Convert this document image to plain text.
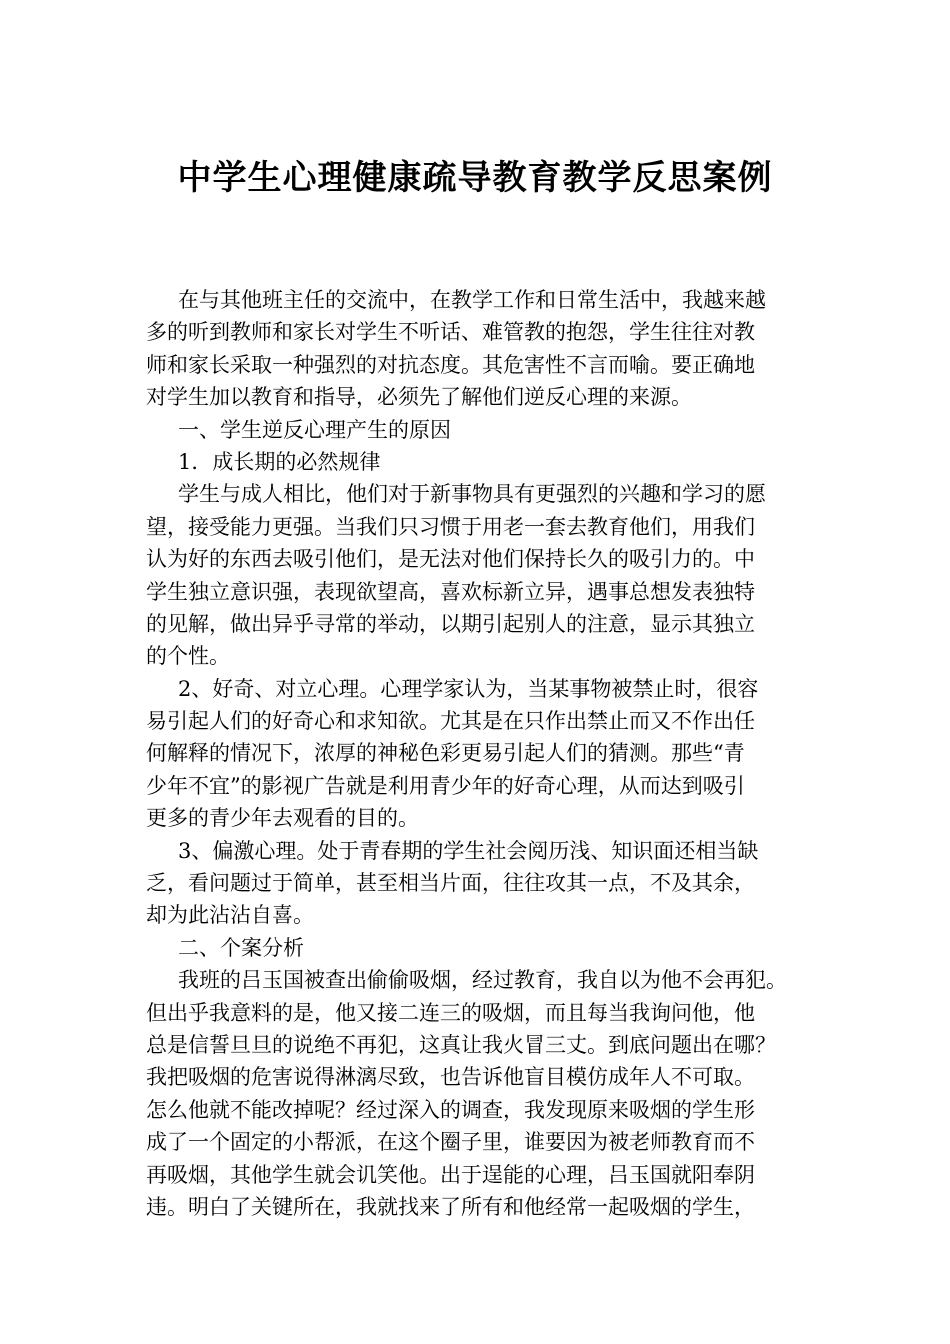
中学生心理健康疏导教育教学反思案例
在与其他班主任的交流中，在教学工作和日常生活中，我越来越
多的听到教师和家长对学生不听话、难管教的抱怨，学生往往对教
师和家长采取一种强烈的对抗态度。其危害性不言而喻。要正确地
对学生加以教育和指导，必须先了解他们逆反心理的来源。
一、学生逆反心理产生的原因
1．成长期的必然规律
学生与成人相比，他们对于新事物具有更强烈的兴趣和学习的愿
望，接受能力更强。当我们只习惯于用老一套去教育他们，用我们
认为好的东西去吸引他们，是无法对他们保持长久的吸引力的。中
学生独立意识强，表现欲望高，喜欢标新立异，遇事总想发表独特
的见解，做出异乎寻常的举动，以期引起别人的注意，显示其独立
的个性。
2、好奇、对立心理。心理学家认为，当某事物被禁止时，很容
易引起人们的好奇心和求知欲。尤其是在只作出禁止而又不作出任
何解释的情况下，浓厚的神秘色彩更易引起人们的猜测。那些“青
少年不宜”的影视广告就是利用青少年的好奇心理，从而达到吸引
更多的青少年去观看的目的。
3、偏激心理。处于青春期的学生社会阅历浅、知识面还相当缺
乏，看问题过于简单，甚至相当片面，往往攻其一点，不及其余，
却为此沾沾自喜。
二、个案分析
我班的吕玉国被查出偷偷吸烟，经过教育，我自以为他不会再犯。
但出乎我意料的是，他又接二连三的吸烟，而且每当我询问他，他
总是信誓旦旦的说绝不再犯，这真让我火冒三丈。到底问题出在哪？
我把吸烟的危害说得淋漓尽致，也告诉他盲目模仿成年人不可取。
怎么他就不能改掉呢？经过深入的调查，我发现原来吸烟的学生形
成了一个固定的小帮派，在这个圈子里，谁要因为被老师教育而不
再吸烟，其他学生就会讥笑他。出于逞能的心理，吕玉国就阳奉阴
违。明白了关键所在，我就找来了所有和他经常一起吸烟的学生，
